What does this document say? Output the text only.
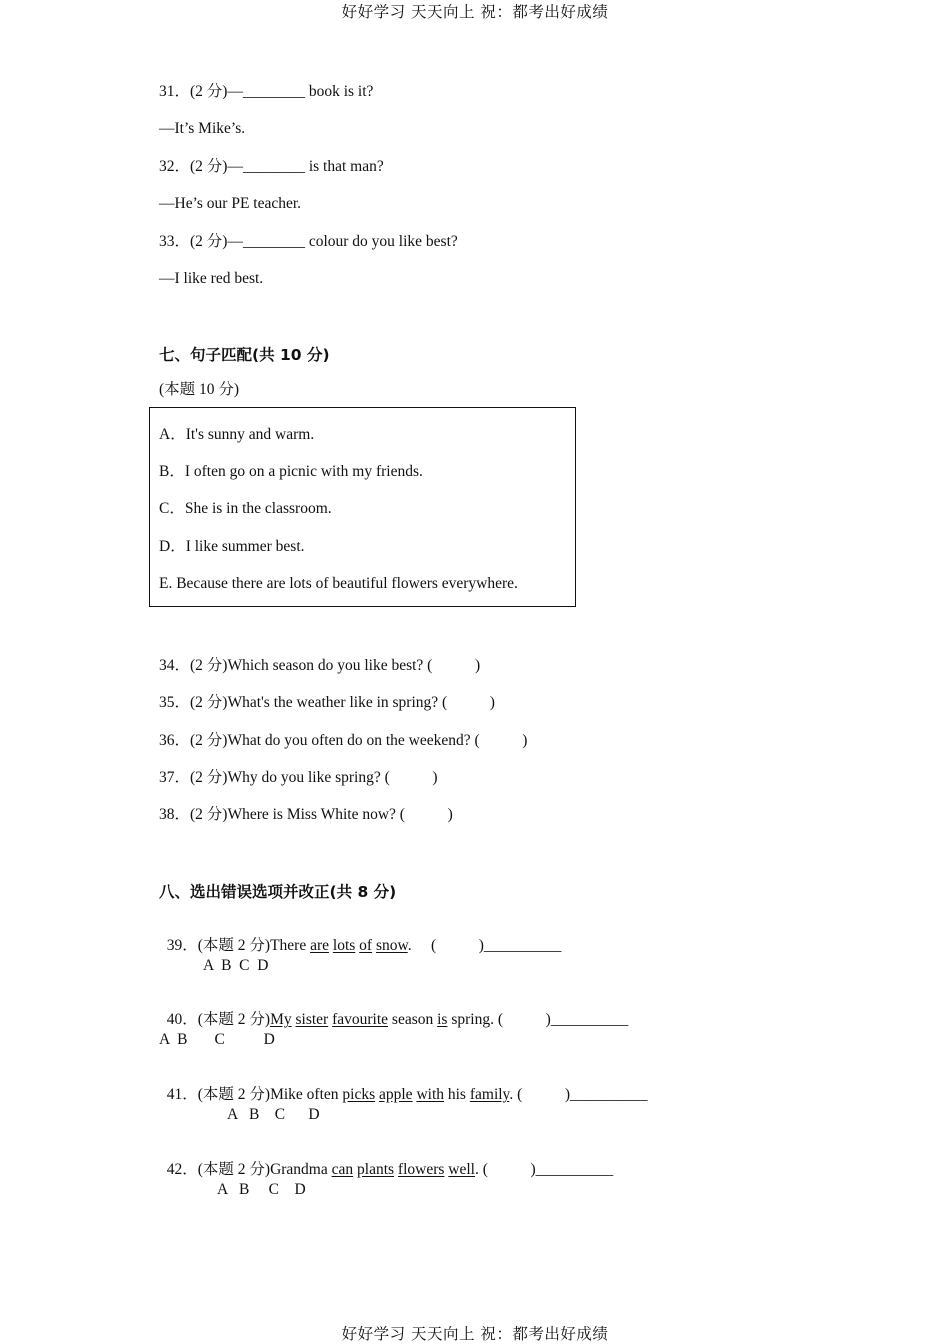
好好学习 天天向上 祝：都考出好成绩
31．(2 分)—________ book is it?
—It’s Mike’s.
32．(2 分)—________ is that man?
—He’s our PE teacher.
33．(2 分)—________ colour do you like best?
—I like red best.
七、句子匹配(共 10 分)
(本题 10 分)
A．It's sunny and warm.
B．I often go on a picnic with my friends.
C．She is in the classroom.
D．I like summer best.
E. Because there are lots of beautiful flowers everywhere.
34．(2 分)Which season do you like best? (           )
35．(2 分)What's the weather like in spring? (           )
36．(2 分)What do you often do on the weekend? (           )
37．(2 分)Why do you like spring? (           )
38．(2 分)Where is Miss White now? (           )
八、选出错误选项并改正(共 8 分)

39．(本题 2 分)There are lots of snow.     (           )__________

A  B  C  D

40．(本题 2 分)My sister favourite season is spring. (           )__________

A  B       C          D

41．(本题 2 分)Mike often picks apple with his family. (           )__________

A   B    C      D

42．(本题 2 分)Grandma can plants flowers well. (           )__________

A   B     C    D
好好学习 天天向上 祝：都考出好成绩
